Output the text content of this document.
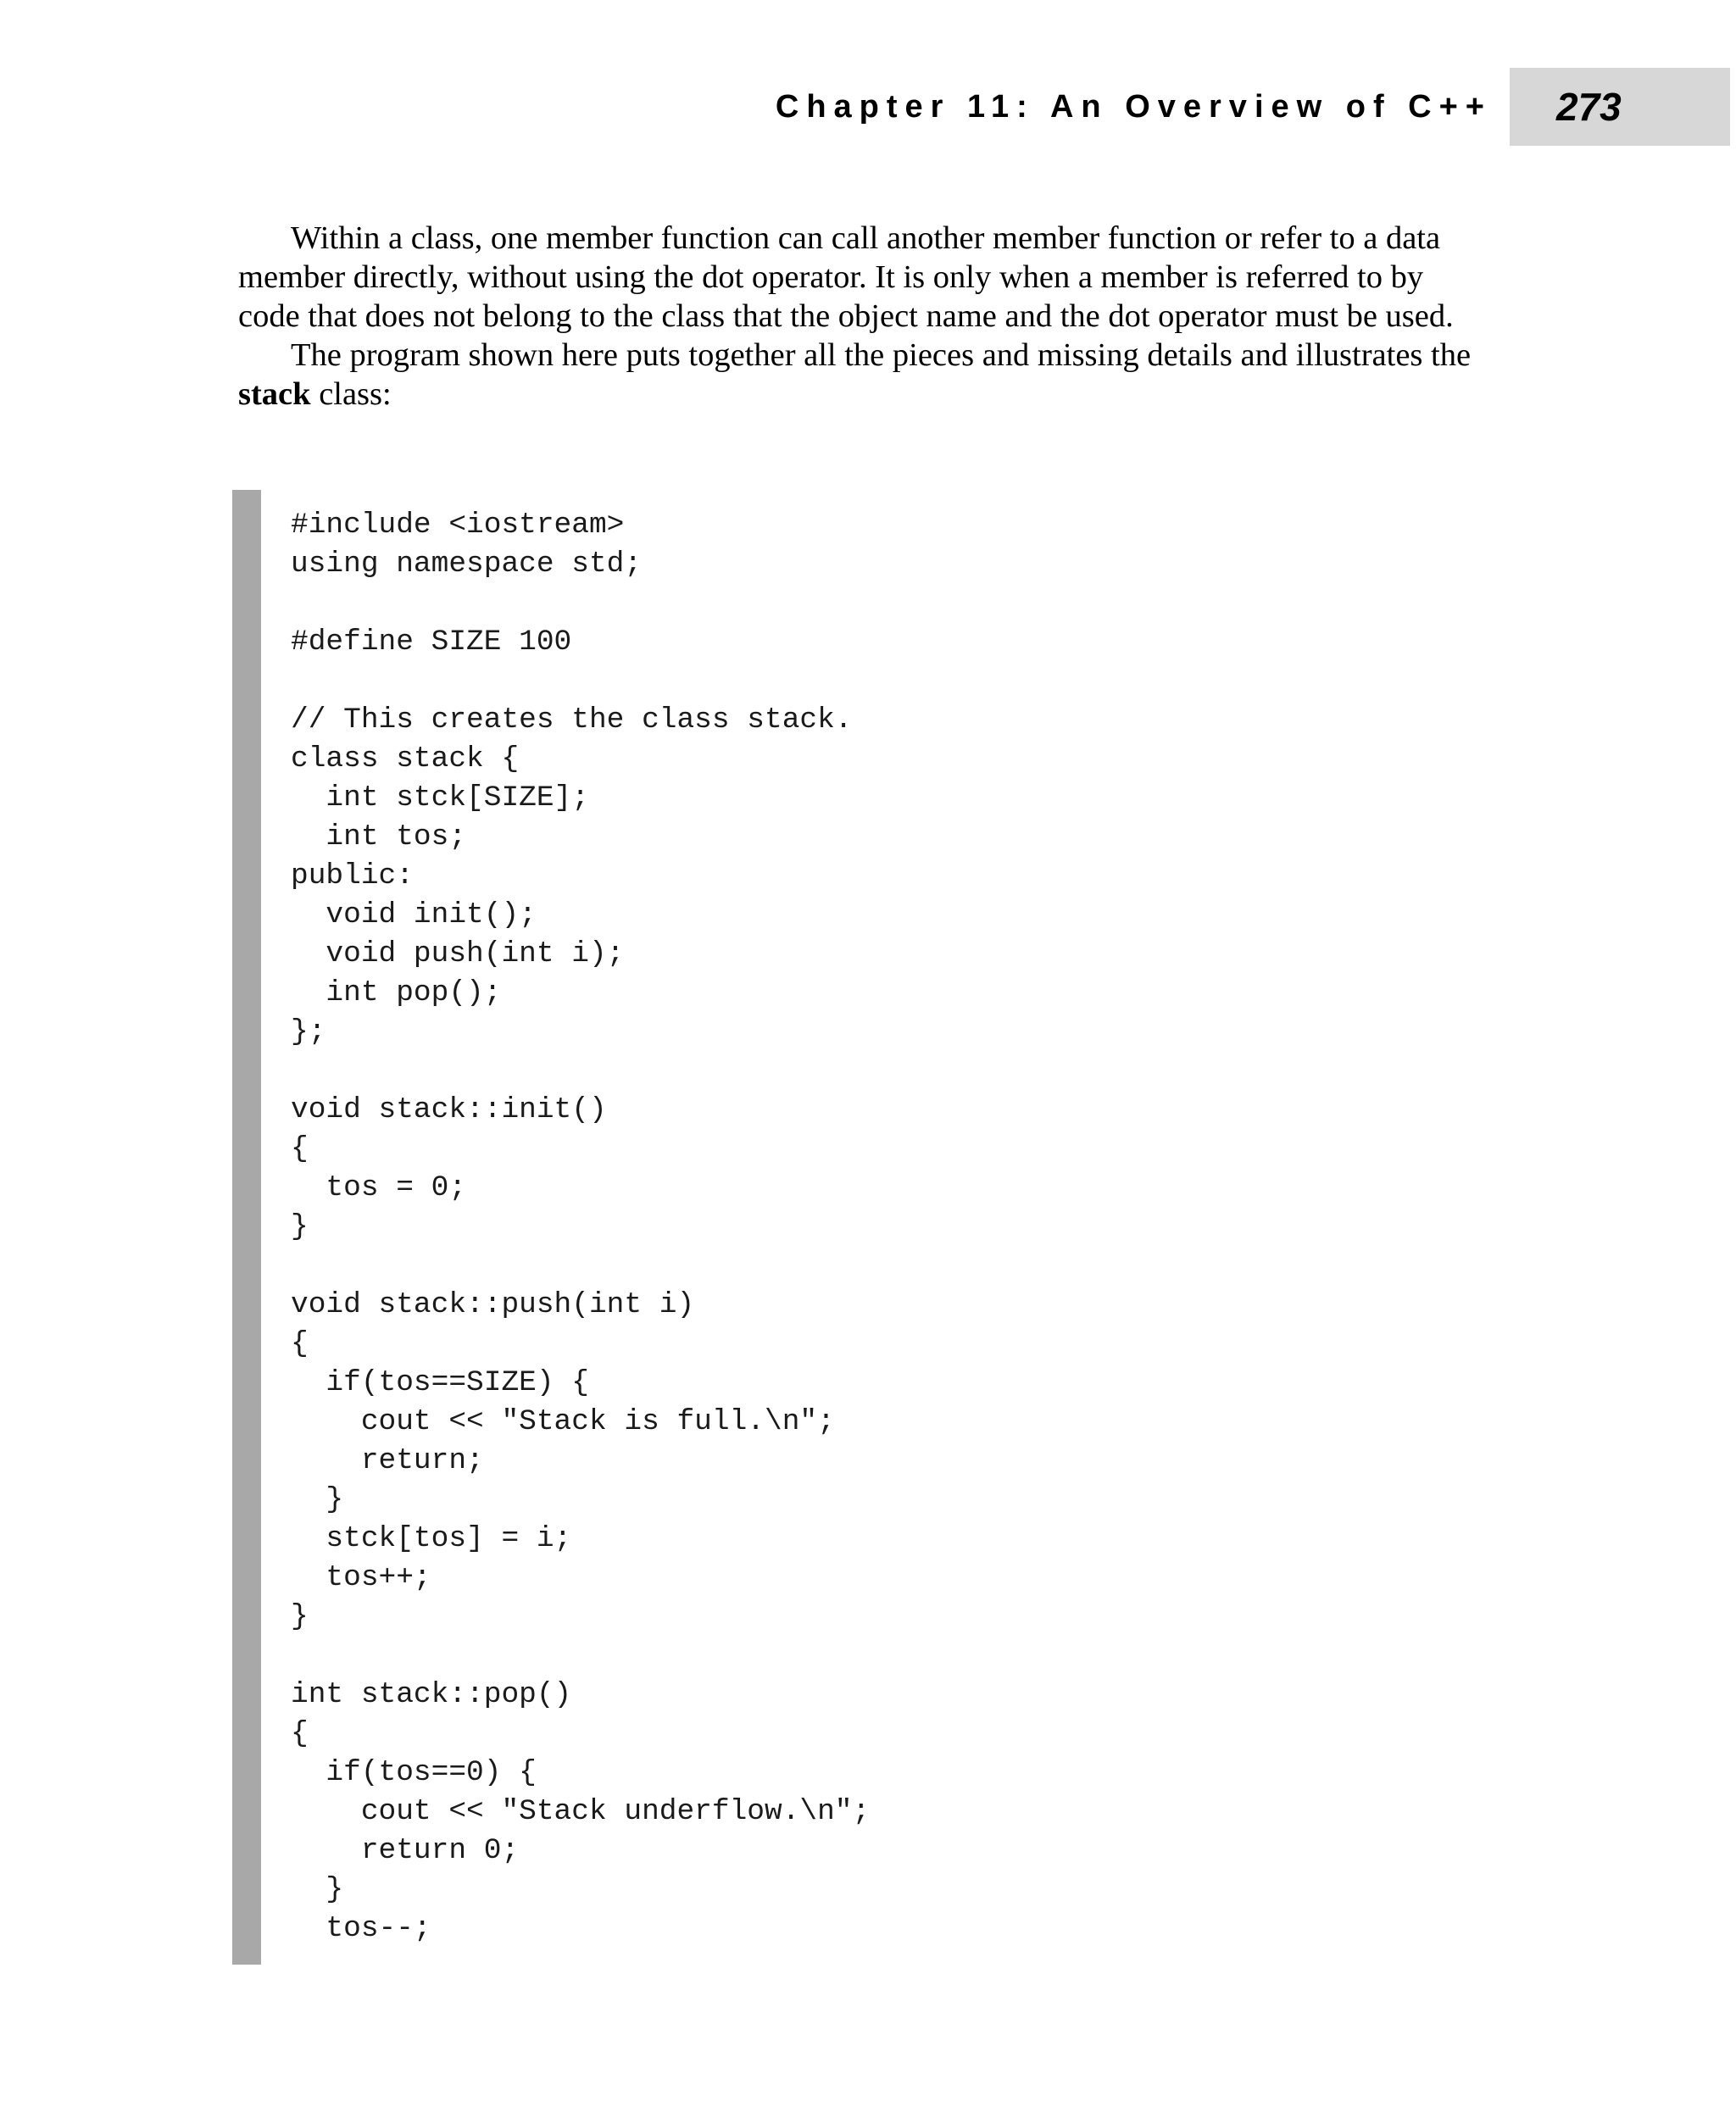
Chapter 11: An Overview of C++ 273

Within a class, one member function can call another member function or refer to a data member directly, without using the dot operator. It is only when a member is referred to by code that does not belong to the class that the object name and the dot operator must be used.

The program shown here puts together all the pieces and missing details and illustrates the stack class:

#include <iostream>
using namespace std;

#define SIZE 100

// This creates the class stack.
class stack {
int stck[SIZE];
int tos;
public:
void init();
void push(int i);
int pop();
};

void stack::init()
{
tos = 0;
}

void stack::push(int i)
{
if(tos==SIZE) {
cout << "Stack is full.\n";
return;
}
stck[tos] = i;
tos++;
}

int stack::pop()
{
if(tos==0) {
cout << "Stack underflow.\n";
return 0;
}
tos--;
